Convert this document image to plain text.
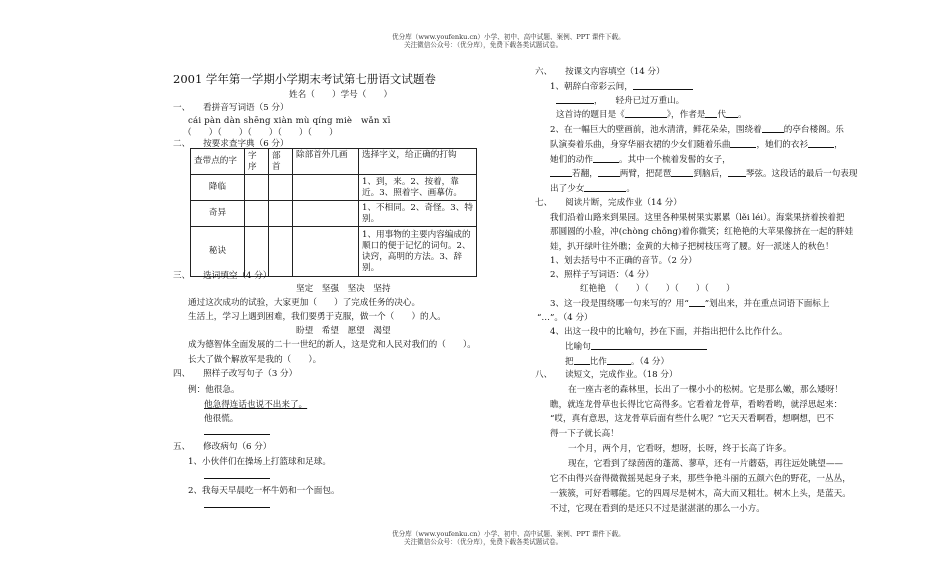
优分库（www.youfenku.cn）小学、初中、高中试题、案例、PPT 课件下载。
关注微信公众号：（优分库），免费下载各类试题试卷。
2001 学年第一学期小学期末考试第七册语文试题卷
姓名（　　）学号（　　）
一、　　看拼音写词语（5 分）
cái pàn dàn shēng xiàn mù qíng miè　wǎn xī
（　　）（　　）（　　）（　　）（　　）
二、　　按要求查字典（6 分）
查带点的字	字序	部首	除部首外几画	选择字义，给正确的打钩
降临				1、到，来。2、按着，靠近。3、照着字、画摹仿。
奇异				1、不相同。2、奇怪。3、特别。
秘诀				1、用事物的主要内容编成的顺口的便于记忆的词句。2、诀窍，高明的方法。3、辞别。
三、　　选词填空（4 分）
坚定　坚强　坚决　坚持
通过这次成功的试验，大家更加（　　）了完成任务的决心。
生活上，学习上遇到困难，我们要勇于克服，做一个（　　）的人。
盼望　希望　愿望　渴望
成为德智体全面发展的二十一世纪的新人，这是党和人民对我们的（　　）。
长大了做个解放军是我的（　　）。
四、　　照样子改写句子（3 分）
例：他很急。
他急得连话也说不出来了。
他很慌。
五、　　修改病句（6 分）
1、小伙伴们在操场上打篮球和足球。
2、我每天早晨吃一杯牛奶和一个面包。
六、　　按课文内容填空（14 分）
1、朝辞白帝彩云间，
，　　轻舟已过万重山。
这首诗的题目是《	》，作者是 代 。
2、在一幅巨大的壁画前，池水清清，鲜花朵朵，围绕着	的亭台楼阁。乐
队演奏着乐曲，身穿华丽衣裙的少女们随着乐曲	，她们的衣衫	，
她们的动作	。其中一个梳着发髻的女子，
若翻，	两臂，把琵琶	到脑后， 琴弦。这段话的最后一句表现
出了少女	。
七、　　阅读片断，完成作业（14 分）
我们沿着山路来到果园。这里各种果树果实累累（lěi léi）。海棠果挤着挨着把
那圆圆的小脸，冲(chòng chōng)着你微笑；红艳艳的大苹果像挤在一起的胖娃
娃，扒开绿叶往外瞧；金黄的大柿子把树枝压弯了腰。好一派迷人的秋色！
1、划去括号中不正确的音节。（2 分）
2、照样子写词语：（4 分）
红艳艳　（　　）（　　）（　　）（　　）
3、这一段是围绕哪一句来写的？用“ ”划出来，并在重点词语下面标上
“…”。（4 分）
4、出这一段中的比喻句，抄在下面，并指出把什么比作什么。
比喻句
把 比作	。（4 分）
八、　　读短文，完成作业。（18 分）
在一座古老的森林里，长出了一棵小小的松树。它是那么嫩，那么矮呀！
瞧，就连龙骨草也长得比它高得多。它看着龙骨草，看哟看哟，就浮思起来：
“哎，真有意思，这龙骨草后面有些什么呢？”它天天看啊看，想啊想，巴不
得一下子就长高！
一个月，两个月，它看呀，想呀，长呀，终于长高了许多。
现在，它看到了绿茵茵的蓬蒿、蓼草，还有一片蘑菇，再往远处眺望——
它不由得兴奋得微微摇晃起身子来，那些争艳斗丽的五颜六色的野花，一丛丛，
一簇簇，可好看哪能。它的四周尽是树木，高大而又粗壮。树木上头，是蓝天。
不过，它现在看到的是还只不过是湛湛湛的那么一小方。
优分库（www.youfenku.cn）小学、初中、高中试题、案例、PPT 课件下载。
关注微信公众号：（优分库），免费下载各类试题试卷。
